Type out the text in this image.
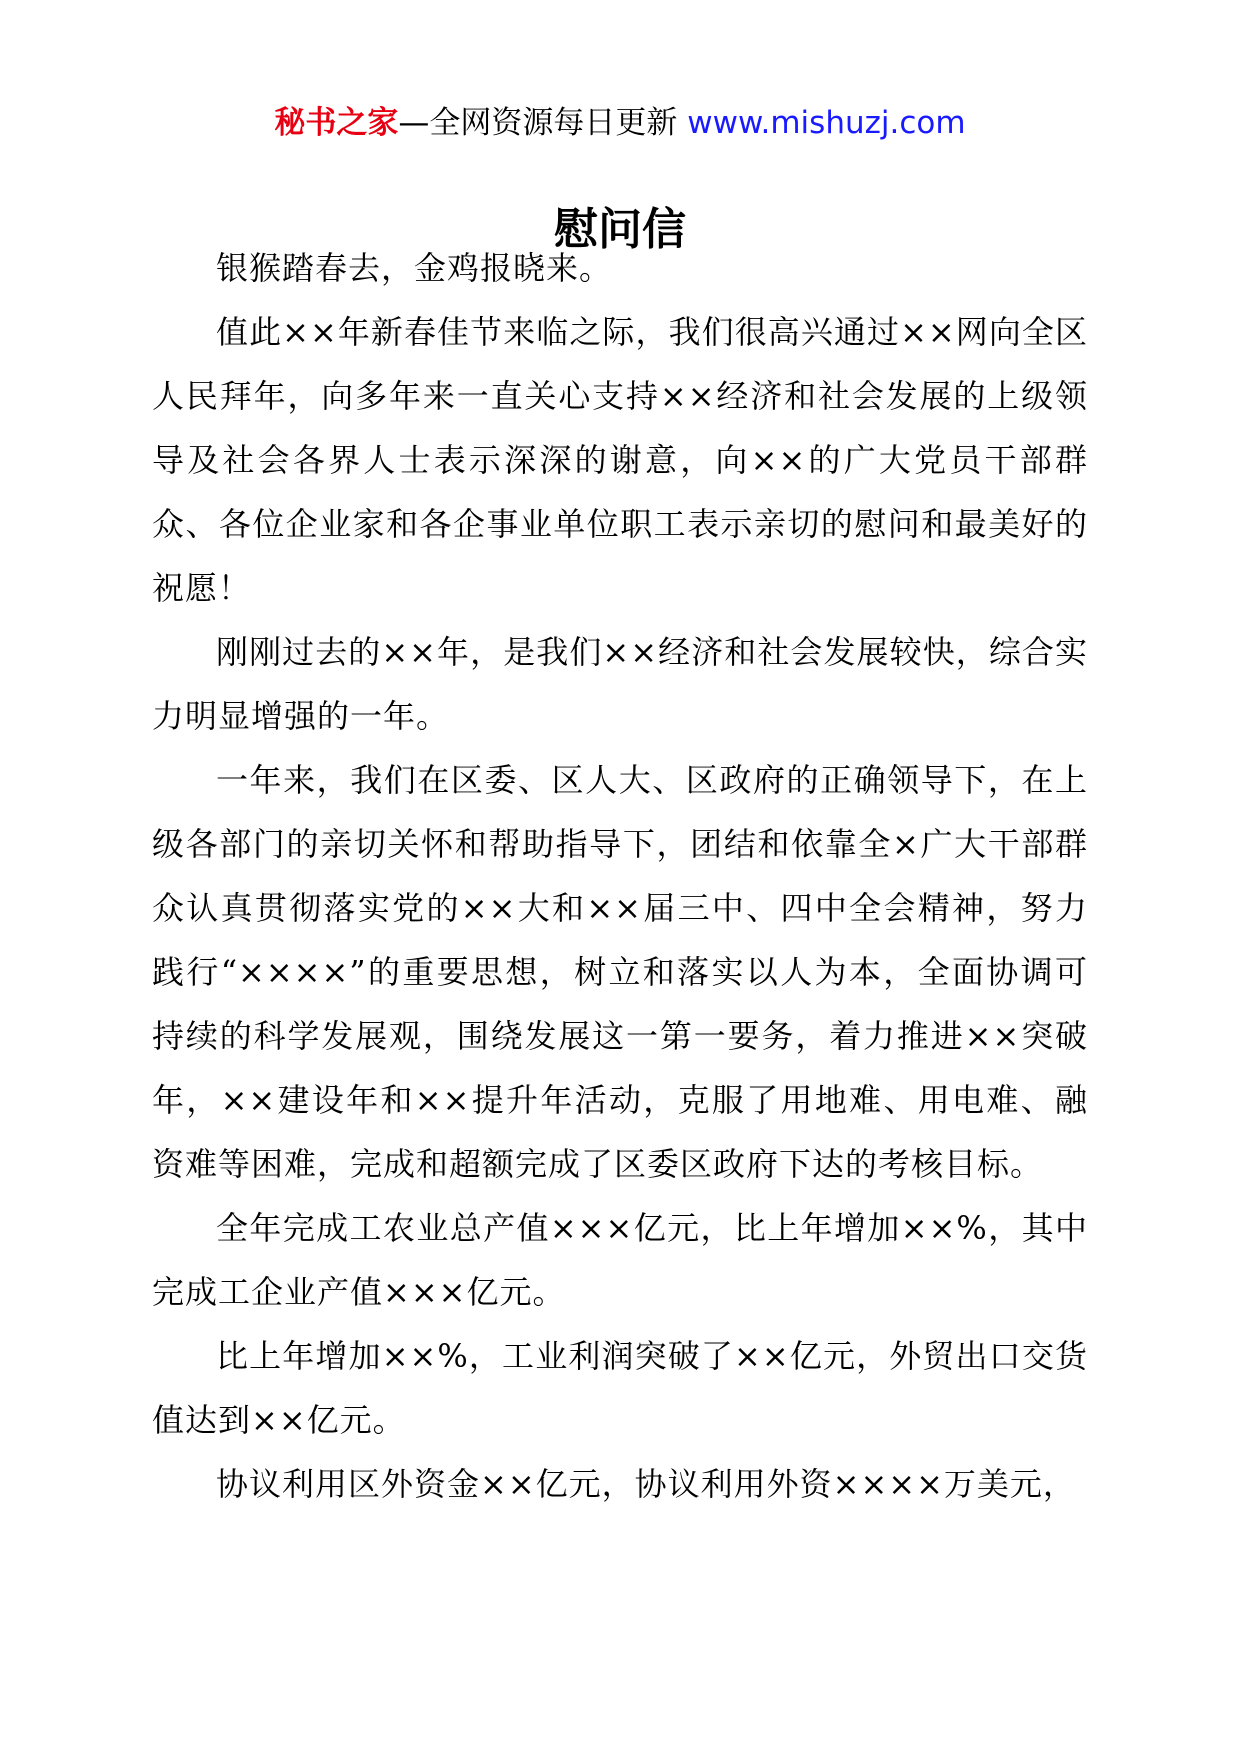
秘书之家—全网资源每日更新 www.mishuzj.com
慰问信

银猴踏春去，金鸡报晓来。

值此××年新春佳节来临之际，我们很高兴通过××网向全区人民拜年，向多年来一直关心支持××经济和社会发展的上级领导及社会各界人士表示深深的谢意，向××的广大党员干部群众、各位企业家和各企事业单位职工表示亲切的慰问和最美好的祝愿！

刚刚过去的××年，是我们××经济和社会发展较快，综合实力明显增强的一年。

一年来，我们在区委、区人大、区政府的正确领导下，在上级各部门的亲切关怀和帮助指导下，团结和依靠全×广大干部群众认真贯彻落实党的××大和××届三中、四中全会精神，努力践行“××××”的重要思想，树立和落实以人为本，全面协调可持续的科学发展观，围绕发展这一第一要务，着力推进××突破年，××建设年和××提升年活动，克服了用地难、用电难、融资难等困难，完成和超额完成了区委区政府下达的考核目标。

全年完成工农业总产值×××亿元，比上年增加××%，其中完成工企业产值×××亿元。

比上年增加××%，工业利润突破了××亿元，外贸出口交货值达到××亿元。

协议利用区外资金××亿元，协议利用外资××××万美元，
